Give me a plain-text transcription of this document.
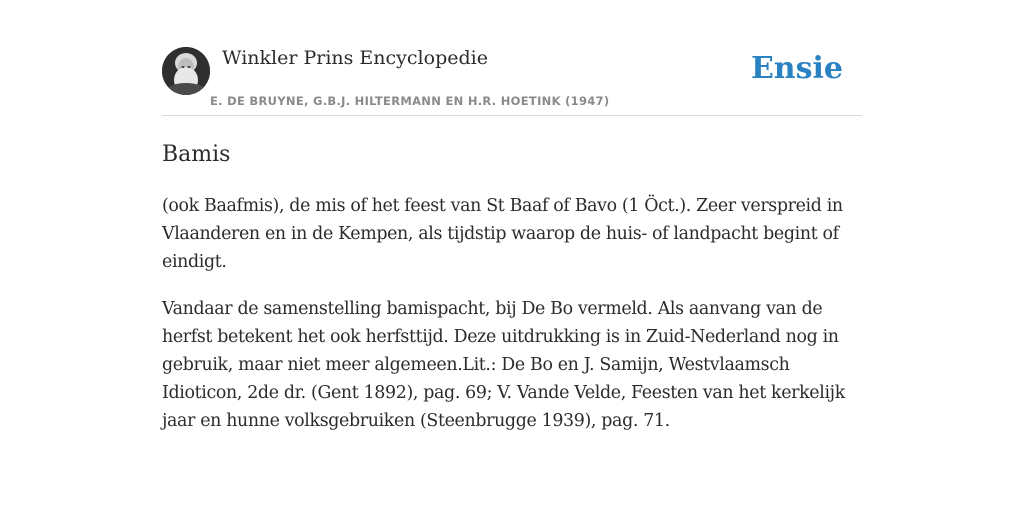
Winkler Prins Encyclopedie
E. DE BRUYNE, G.B.J. HILTERMANN EN H.R. HOETINK (1947)
Ensie
Bamis

(ook Baafmis), de mis of het feest van St Baaf of Bavo (1 Öct.). Zeer verspreid in Vlaanderen en in de Kempen, als tijdstip waarop de huis- of landpacht begint of eindigt.

Vandaar de samenstelling bamispacht, bij De Bo vermeld. Als aanvang van de herfst betekent het ook herfsttijd. Deze uitdrukking is in Zuid-Nederland nog in gebruik, maar niet meer algemeen.Lit.: De Bo en J. Samijn, Westvlaamsch Idioticon, 2de dr. (Gent 1892), pag. 69; V. Vande Velde, Feesten van het kerkelijk jaar en hunne volksgebruiken (Steenbrugge 1939), pag. 71.
